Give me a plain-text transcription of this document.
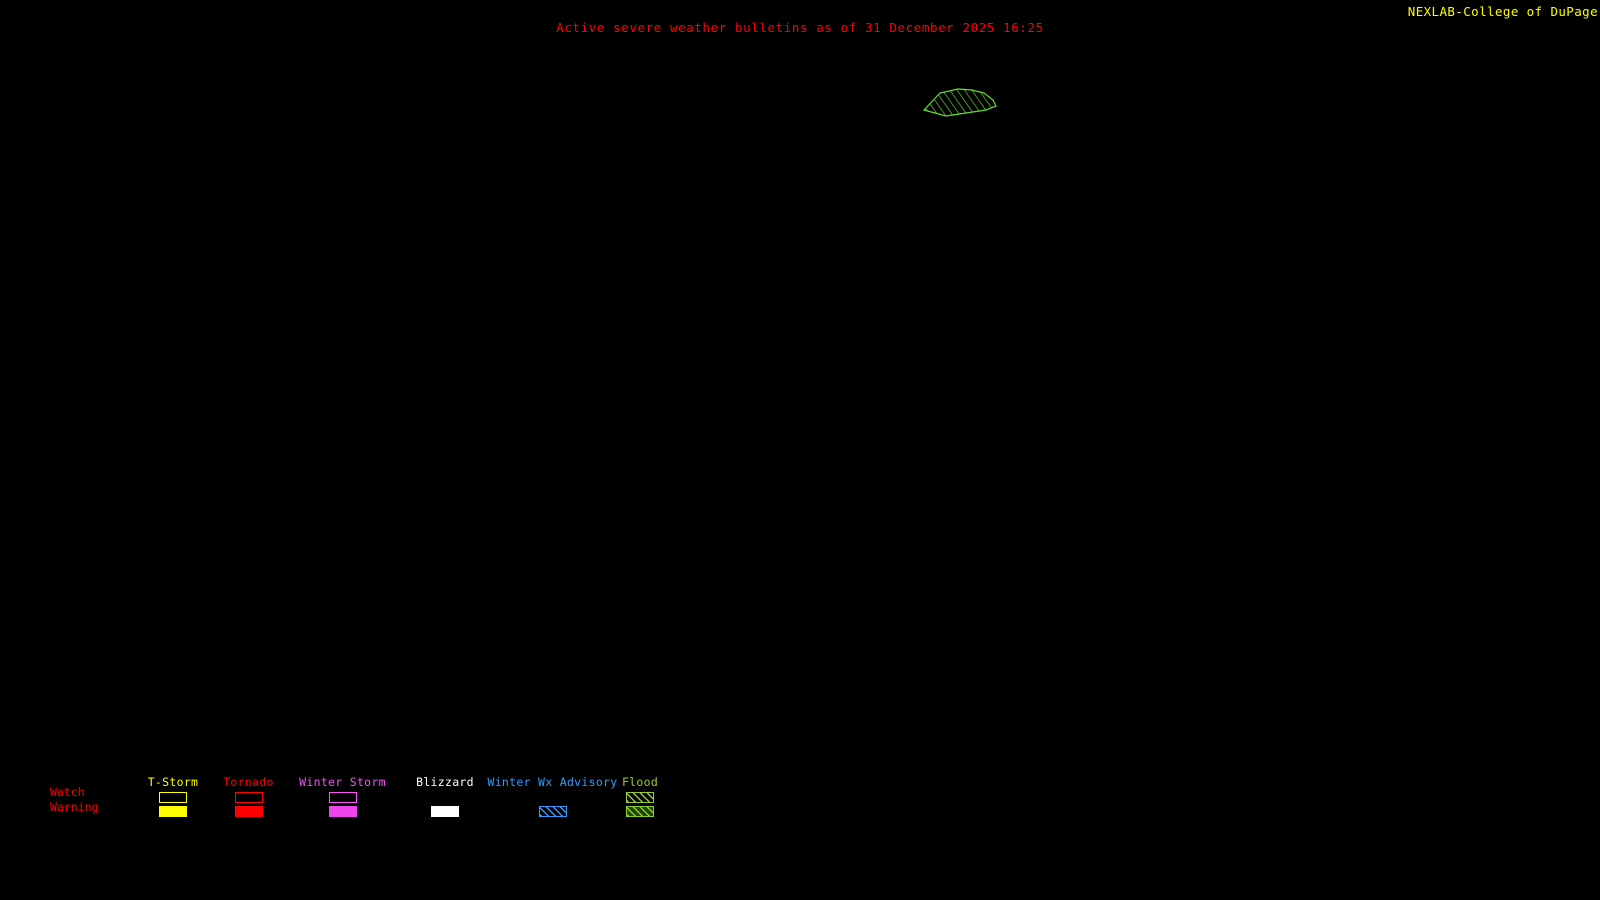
Active severe weather bulletins as of 31 December 2025 16:25
NEXLAB-College of DuPage
Watch
Warning
T-Storm	Tornado	Winter Storm	Blizzard	Winter Wx Advisory Flood
